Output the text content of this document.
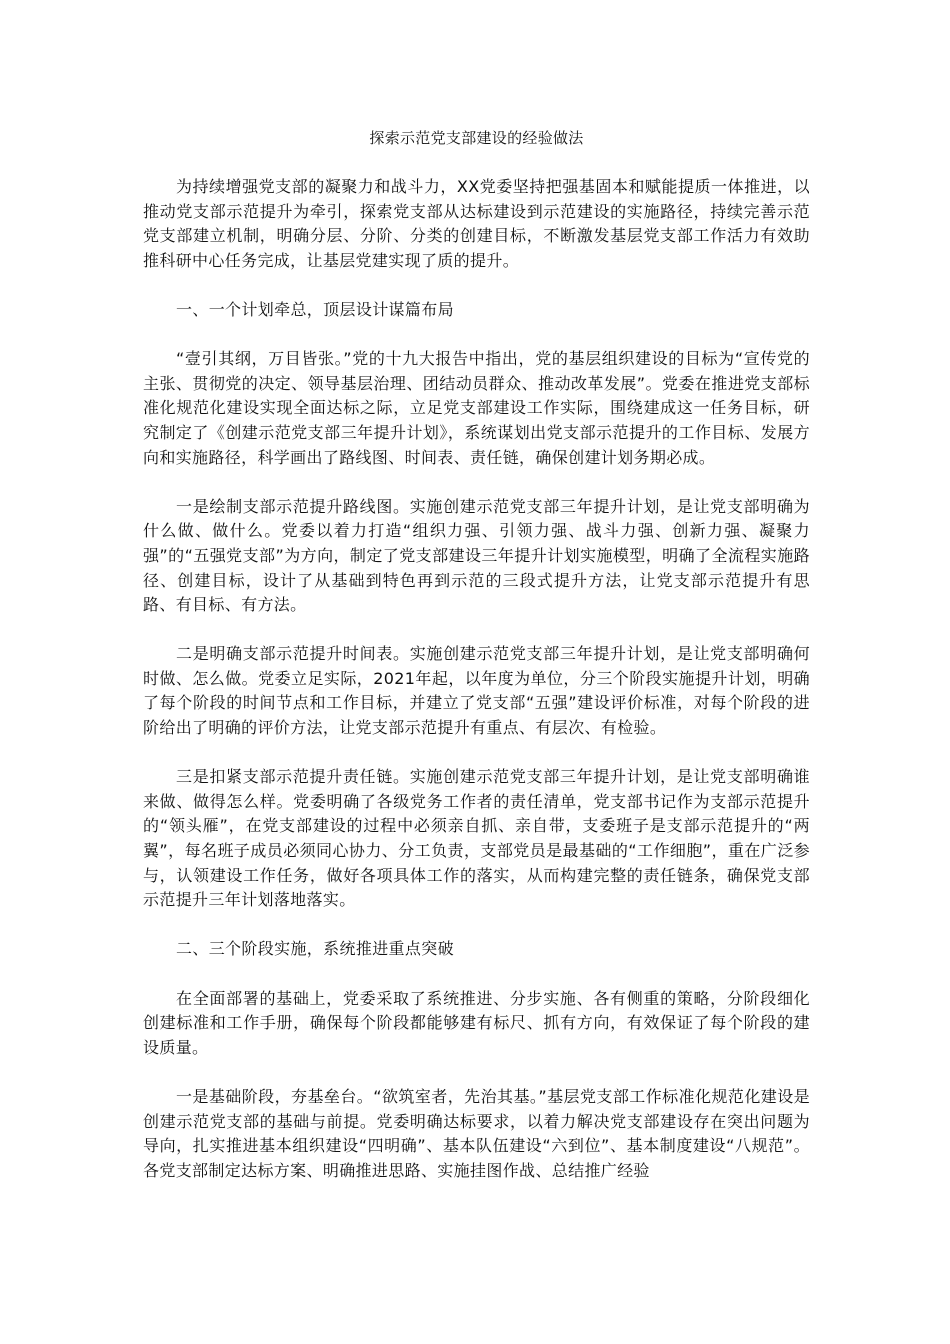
探索示范党支部建设的经验做法

为持续增强党支部的凝聚力和战斗力，XX党委坚持把强基固本和赋能提质一体推进，以推动党支部示范提升为牵引，探索党支部从达标建设到示范建设的实施路径，持续完善示范党支部建立机制，明确分层、分阶、分类的创建目标，不断激发基层党支部工作活力有效助推科研中心任务完成，让基层党建实现了质的提升。

一、一个计划牵总，顶层设计谋篇布局

“壹引其纲，万目皆张。”党的十九大报告中指出，党的基层组织建设的目标为“宣传党的主张、贯彻党的决定、领导基层治理、团结动员群众、推动改革发展”。党委在推进党支部标准化规范化建设实现全面达标之际，立足党支部建设工作实际，围绕建成这一任务目标，研究制定了《创建示范党支部三年提升计划》，系统谋划出党支部示范提升的工作目标、发展方向和实施路径，科学画出了路线图、时间表、责任链，确保创建计划务期必成。

一是绘制支部示范提升路线图。实施创建示范党支部三年提升计划，是让党支部明确为什么做、做什么。党委以着力打造“组织力强、引领力强、战斗力强、创新力强、凝聚力强”的“五强党支部”为方向，制定了党支部建设三年提升计划实施模型，明确了全流程实施路径、创建目标，设计了从基础到特色再到示范的三段式提升方法，让党支部示范提升有思路、有目标、有方法。

二是明确支部示范提升时间表。实施创建示范党支部三年提升计划，是让党支部明确何时做、怎么做。党委立足实际，2021年起，以年度为单位，分三个阶段实施提升计划，明确了每个阶段的时间节点和工作目标，并建立了党支部“五强”建设评价标准，对每个阶段的进阶给出了明确的评价方法，让党支部示范提升有重点、有层次、有检验。

三是扣紧支部示范提升责任链。实施创建示范党支部三年提升计划，是让党支部明确谁来做、做得怎么样。党委明确了各级党务工作者的责任清单，党支部书记作为支部示范提升的“领头雁”，在党支部建设的过程中必须亲自抓、亲自带，支委班子是支部示范提升的“两翼”，每名班子成员必须同心协力、分工负责，支部党员是最基础的“工作细胞”，重在广泛参与，认领建设工作任务，做好各项具体工作的落实，从而构建完整的责任链条，确保党支部示范提升三年计划落地落实。

二、三个阶段实施，系统推进重点突破

在全面部署的基础上，党委采取了系统推进、分步实施、各有侧重的策略，分阶段细化创建标准和工作手册，确保每个阶段都能够建有标尺、抓有方向，有效保证了每个阶段的建设质量。

一是基础阶段，夯基垒台。“欲筑室者，先治其基。”基层党支部工作标准化规范化建设是创建示范党支部的基础与前提。党委明确达标要求，以着力解决党支部建设存在突出问题为导向，扎实推进基本组织建设“四明确”、基本队伍建设“六到位”、基本制度建设“八规范”。各党支部制定达标方案、明确推进思路、实施挂图作战、总结推广经验
